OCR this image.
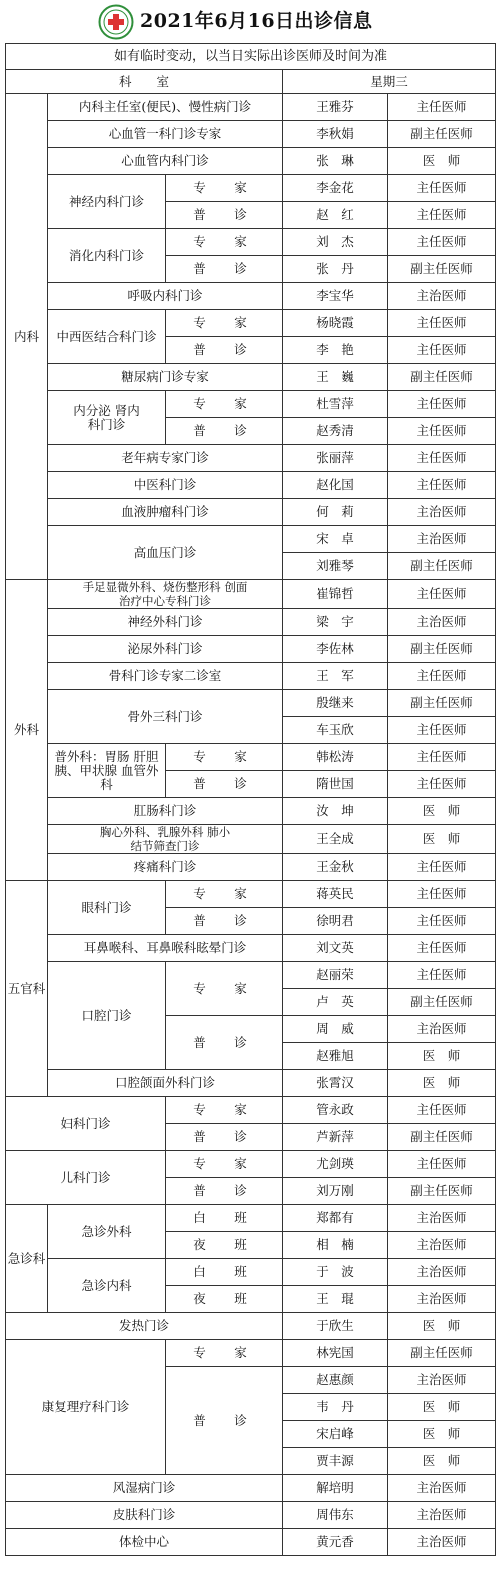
2021年6月16日出诊信息
如有临时变动，以当日实际出诊医师及时间为准				
科　　室			星期三	
内科	内科主任室(便民)、慢性病门诊		王雅芬	主任医师
	心血管一科门诊专家		李秋娟	副主任医师
	心血管内科门诊		张　琳	医　师
	神经内科门诊	专　家	李金花	主任医师
		普　诊	赵　红	主任医师
	消化内科门诊	专　家	刘　杰	主任医师
		普　诊	张　丹	副主任医师
	呼吸内科门诊		李宝华	主治医师
	中西医结合科门诊	专　家	杨晓霞	主任医师
		普　诊	李　艳	主任医师
	糖尿病门诊专家		王　巍	副主任医师
	内分泌 肾内科门诊	专　家	杜雪萍	主任医师
		普　诊	赵秀清	主任医师
	老年病专家门诊		张丽萍	主任医师
	中医科门诊		赵化国	主任医师
	血液肿瘤科门诊		何　莉	主治医师
	高血压门诊		宋　卓	主治医师
			刘雅琴	副主任医师
外科	手足显微外科、烧伤整形科 创面治疗中心专科门诊		崔锦哲	主任医师
	神经外科门诊		梁　宇	主治医师
	泌尿外科门诊		李佐林	副主任医师
	骨科门诊专家二诊室		王　军	主任医师
	骨外三科门诊		殷继来	副主任医师
			车玉欣	主任医师
	普外科：胃肠 肝胆胰、甲状腺 血管外科	专　家	韩松涛	主任医师
		普　诊	隋世国	主任医师
	肛肠科门诊		汝　坤	医　师
	胸心外科、乳腺外科 肺小结节筛查门诊		王全成	医　师
	疼痛科门诊		王金秋	主任医师
五官科	眼科门诊	专　家	蒋英民	主任医师
		普　诊	徐明君	主任医师
	耳鼻喉科、耳鼻喉科眩晕门诊		刘文英	主任医师
	口腔门诊	专　家	赵丽荣	主任医师
			卢　英	副主任医师
		普　诊	周　威	主治医师
			赵雅旭	医　师
	口腔颌面外科门诊		张霄汉	医　师
妇科门诊		专　家	管永政	主任医师
		普　诊	芦新萍	副主任医师
儿科门诊		专　家	尤剑瑛	主任医师
		普　诊	刘万刚	副主任医师
急诊科	急诊外科	白　班	郑都有	主治医师
		夜　班	相　楠	主治医师
	急诊内科	白　班	于　波	主治医师
		夜　班	王　琨	主治医师
发热门诊			于欣生	医　师
康复理疗科门诊		专　家	林宪国	副主任医师
		普　诊	赵惠颜	主治医师
			韦　丹	医　师
			宋启峰	医　师
			贾丰源	医　师
风湿病门诊			解培明	主治医师
皮肤科门诊			周伟东	主治医师
体检中心			黄元香	主治医师
